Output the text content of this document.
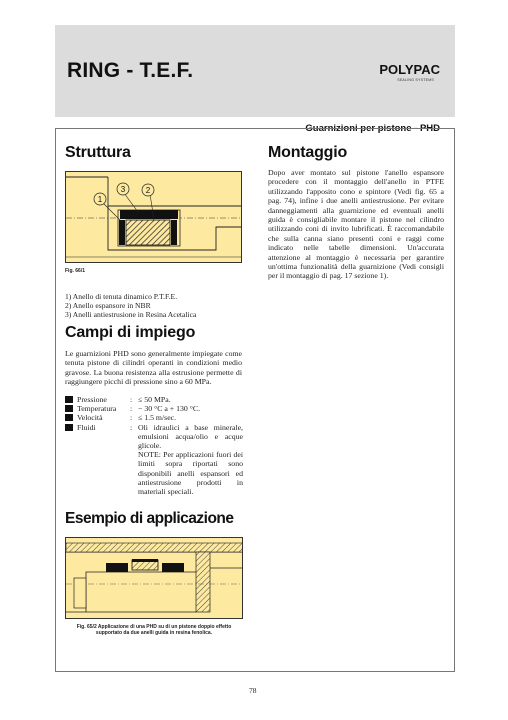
RING - T.E.F.	POLYPAC
SEALING SYSTEMS
Guarnizioni per pistone - PHD
Struttura
1
3	2
Fig. 66/1
1) Anello di tenuta dinamico P.T.F.E.
2) Anello espansore in NBR
3) Anelli antiestrusione in Resina Acetalica
Campi di impiego
Le guarnizioni PHD sono generalmente impiegate come tenuta pistone di cilindri operanti in condizioni medio gravose. La buona resistenza alla estrusione permette di raggiungere picchi di pressione sino a 60 MPa.
Pressione	: ≤ 50 MPa.
Temperatura	: − 30 °C a + 130 °C.
Velocità	: ≤ 1.5 m/sec.
Fluidi	: Oli idraulici a base minerale, emulsioni acqua/olio e acque glicole.
NOTE: Per applicazioni fuori dei limiti sopra riportati sono disponibili anelli espansori ed antiestrusione prodotti in materiali speciali.
Esempio di applicazione
Fig. 65/2 Applicazione di una PHD su di un pistone doppio effetto
supportato da due anelli guida in resina fenolica.
Montaggio
Dopo aver montato sul pistone l'anello espansore procedere con il montaggio dell'anello in PTFE utilizzando l'apposito cono e spintore (Vedi fig. 65 a pag. 74), infine i due anelli antiestrusione. Per evitare danneggiamenti alla guarnizione ed eventuali anelli guida è consigliabile montare il pistone nel cilindro utilizzando coni di invito lubrificati. È raccomandabile che sulla canna siano presenti coni e raggi come indicato nelle tabelle dimensioni. Un'accurata attenzione al montaggio è necessaria per garantire un'ottima funzionalità della guarnizione (Vedi consigli per il montaggio di pag. 17 sezione 1).
78
